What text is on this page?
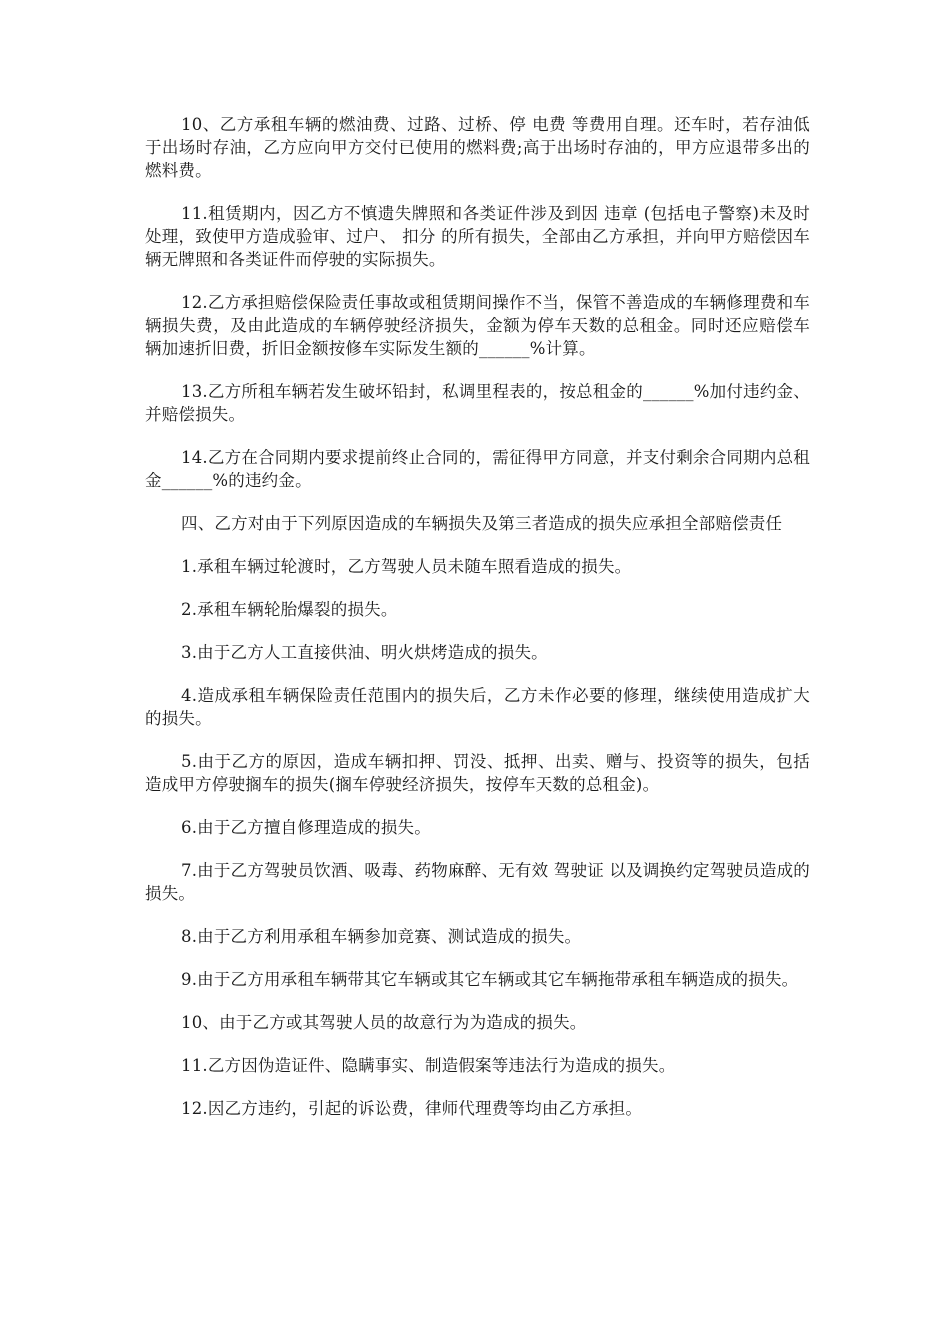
10、乙方承租车辆的燃油费、过路、过桥、停 电费 等费用自理。还车时，若存油低于出场时存油，乙方应向甲方交付已使用的燃料费;高于出场时存油的，甲方应退带多出的燃料费。

11.租赁期内，因乙方不慎遗失牌照和各类证件涉及到因 违章 (包括电子警察)未及时处理，致使甲方造成验审、过户、 扣分 的所有损失，全部由乙方承担，并向甲方赔偿因车辆无牌照和各类证件而停驶的实际损失。

12.乙方承担赔偿保险责任事故或租赁期间操作不当，保管不善造成的车辆修理费和车辆损失费，及由此造成的车辆停驶经济损失，金额为停车天数的总租金。同时还应赔偿车辆加速折旧费，折旧金额按修车实际发生额的______%计算。

13.乙方所租车辆若发生破坏铅封，私调里程表的，按总租金的______%加付违约金、并赔偿损失。

14.乙方在合同期内要求提前终止合同的，需征得甲方同意，并支付剩余合同期内总租金______%的违约金。

四、乙方对由于下列原因造成的车辆损失及第三者造成的损失应承担全部赔偿责任

1.承租车辆过轮渡时，乙方驾驶人员未随车照看造成的损失。

2.承租车辆轮胎爆裂的损失。

3.由于乙方人工直接供油、明火烘烤造成的损失。

4.造成承租车辆保险责任范围内的损失后，乙方未作必要的修理，继续使用造成扩大的损失。

5.由于乙方的原因，造成车辆扣押、罚没、抵押、出卖、赠与、投资等的损失，包括造成甲方停驶搁车的损失(搁车停驶经济损失，按停车天数的总租金)。

6.由于乙方擅自修理造成的损失。

7.由于乙方驾驶员饮酒、吸毒、药物麻醉、无有效 驾驶证 以及调换约定驾驶员造成的损失。

8.由于乙方利用承租车辆参加竞赛、测试造成的损失。

9.由于乙方用承租车辆带其它车辆或其它车辆或其它车辆拖带承租车辆造成的损失。

10、由于乙方或其驾驶人员的故意行为为造成的损失。

11.乙方因伪造证件、隐瞒事实、制造假案等违法行为造成的损失。

12.因乙方违约，引起的诉讼费，律师代理费等均由乙方承担。
